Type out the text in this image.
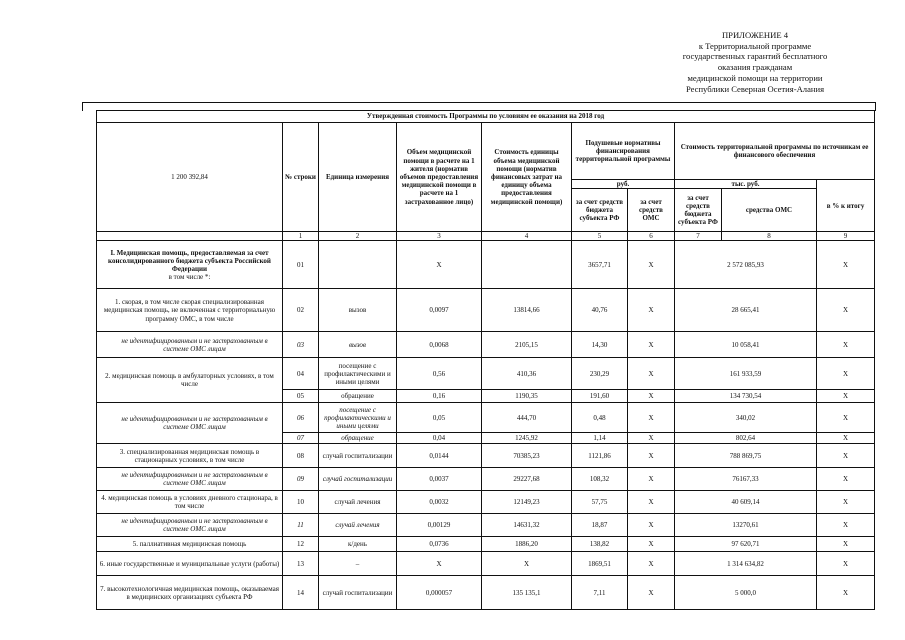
ПРИЛОЖЕНИЕ 4
к Территориальной программе
государственных гарантий бесплатного
оказания гражданам
медицинской помощи на территории
Республики Северная Осетия-Алания
Утвержденная стоимость Программы по условиям ее оказания на 2018 год										
1 200 392,84	№ строки	Единица измерения	Объем медицинской помощи в расчете на 1 жителя (норматив объемов предоставления медицинской помощи в расчете на 1 застрахованное лицо)	Стоимость единицы объема медицинской помощи (норматив финансовых затрат на единицу объема предоставления медицинской помощи)	Подушевые нормативы финансирования территориальной программы		Стоимость территориальной программы по источникам ее финансового обеспечения			
					руб.		тыс. руб.		в % к итогу	
					за счет средств бюджета субъекта РФ	за счет средств ОМС	за счет средств бюджета субъекта РФ	средства ОМС		
	1	2	3	4	5	6	7	8	9	
I. Медицинская помощь, предоставляемая за счет консолидированного бюджета субъекта Российской Федерации
в том числе *:	01		Х		3657,71	Х	2 572 085,93		Х	
1. скорая, в том числе скорая специализированная медицинская помощь, не включенная с территориальную программу ОМС, в том числе	02	вызов	0,0097	13814,66	40,76	Х	28 665,41		Х	
не идентифицированным и не застрахованным в системе ОМС лицам	03	вызов	0,0068	2105,15	14,30	Х	10 058,41		Х	
2. медицинская помощь в амбулаторных условиях, в том числе	04	посещение с профилактическими и иными целями	0,56	410,36	230,29	Х	161 933,59		Х	
	05	обращение	0,16	1190,35	191,60	Х	134 730,54		Х	
не идентифицированным и не застрахованным в системе ОМС лицам	06	посещение с профилактическими и иными целями	0,05	444,70	0,48	Х	340,02		Х	
	07	обращение	0,04	1245,92	1,14	Х	802,64		Х	
3. специализированная медицинская помощь в стационарных условиях, в том числе	08	случай госпитализации	0,0144	70385,23	1121,86	Х	788 869,75		Х	
не идентифицированным и не застрахованным в системе ОМС лицам	09	случай госпитализации	0,0037	29227,68	108,32	Х	76167,33		Х	
4. медицинская помощь в условиях дневного стационара, в том числе	10	случай лечения	0,0032	12149,23	57,75	Х	40 609,14		Х	
не идентифицированным и не застрахованным в системе ОМС лицам	11	случай лечения	0,00129	14631,32	18,87	Х	13270,61		Х	
5. паллиативная медицинская помощь	12	к/день	0,0736	1886,20	138,82	Х	97 620,71		Х	
6. иные государственные и муниципальные услуги (работы)	13	–	Х	Х	1869,51	Х	1 314 634,82		Х	
7. высокотехнологичная медицинская помощь, оказываемая в медицинских организациях субъекта РФ	14	случай госпитализации	0,000057	135 135,1	7,11	Х	5 000,0		Х	
